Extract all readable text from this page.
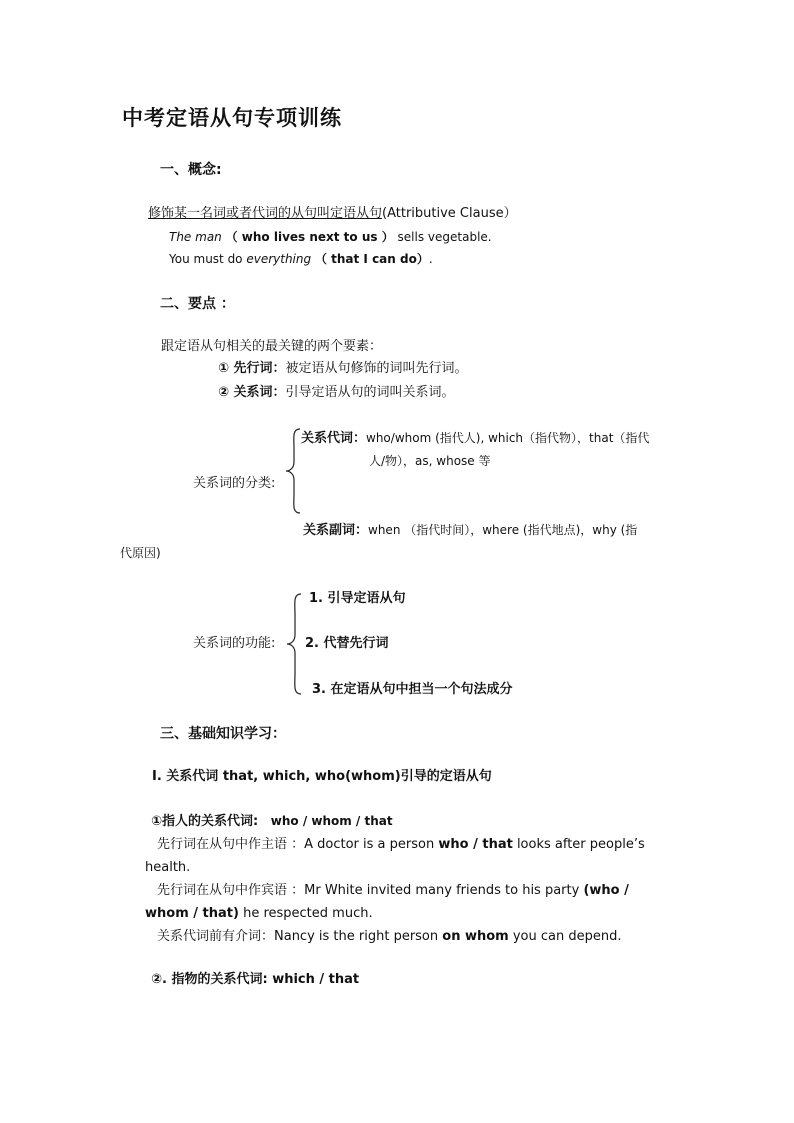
中考定语从句专项训练
一、概念:
修饰某一名词或者代词的从句叫定语从句(Attributive Clause）
The man （ who lives next to us ） sells vegetable.
You must do everything （ that I can do）.
二、要点 ：
跟定语从句相关的最关键的两个要素：
① 先行词：被定语从句修饰的词叫先行词。
② 关系词：引导定语从句的词叫关系词。
关系词的分类:
关系代词：who/whom (指代人), which（指代物），that（指代
人/物），as, whose 等
关系副词：when （指代时间），where (指代地点)，why (指
代原因)
关系词的功能:
1. 引导定语从句
2. 代替先行词
3. 在定语从句中担当一个句法成分
三、基础知识学习：
I. 关系代词 that, which, who(whom)引导的定语从句
①指人的关系代词: who / whom / that
先行词在从句中作主语 ：A doctor is a person who / that looks after people’s
health.
先行词在从句中作宾语 ：Mr White invited many friends to his party (who /
whom / that) he respected much.
关系代词前有介词：Nancy is the right person on whom you can depend.
②. 指物的关系代词: which / that
